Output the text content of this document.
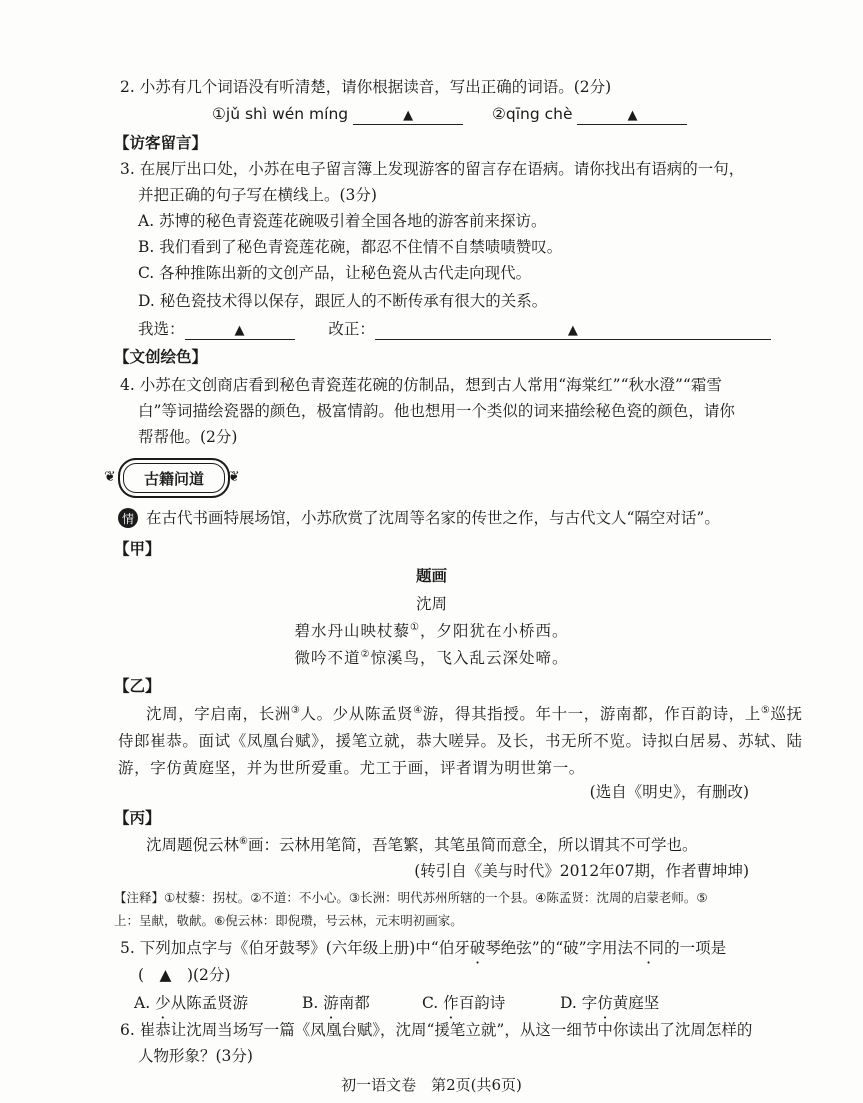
2. 小苏有几个词语没有听清楚，请你根据读音，写出正确的词语。(2分)
①jǔ shì wén míng	▲	②qīng chè	▲
【访客留言】
3. 在展厅出口处，小苏在电子留言簿上发现游客的留言存在语病。请你找出有语病的一句，
并把正确的句子写在横线上。(3分)
A. 苏博的秘色青瓷莲花碗吸引着全国各地的游客前来探访。
B. 我们看到了秘色青瓷莲花碗，都忍不住情不自禁啧啧赞叹。
C. 各种推陈出新的文创产品，让秘色瓷从古代走向现代。
D. 秘色瓷技术得以保存，跟匠人的不断传承有很大的关系。
我选：	▲	改正：	▲
【文创绘色】
4. 小苏在文创商店看到秘色青瓷莲花碗的仿制品，想到古人常用“海棠红”“秋水澄”“霜雪
白”等词描绘瓷器的颜色，极富情韵。他也想用一个类似的词来描绘秘色瓷的颜色，请你
帮帮他。(2分)
❦ 古籍问道 ❦
情 在古代书画特展场馆，小苏欣赏了沈周等名家的传世之作，与古代文人“隔空对话”。
【甲】
题画
沈周
碧水丹山映杖藜①，夕阳犹在小桥西。
微吟不道②惊溪鸟，飞入乱云深处啼。
【乙】
沈周，字启南，长洲③人。少从陈孟贤④游，得其指授。年十一，游南都，作百韵诗，上⑤巡抚
侍郎崔恭。面试《凤凰台赋》，援笔立就，恭大嗟异。及长，书无所不览。诗拟白居易、苏轼、陆
游，字仿黄庭坚，并为世所爱重。尤工于画，评者谓为明世第一。
(选自《明史》，有删改)
【丙】
沈周题倪云林⑥画：云林用笔简，吾笔繁，其笔虽简而意全，所以谓其不可学也。
(转引自《美与时代》2012年07期，作者曹坤坤)
【注释】①杖藜：拐杖。②不道：不小心。③长洲：明代苏州所辖的一个县。④陈孟贤：沈周的启蒙老师。⑤
上：呈献，敬献。⑥倪云林：即倪瓒，号云林，元末明初画家。
5. 下列加点字与《伯牙鼓琴》(六年级上册)中“伯牙破琴绝弦”的“破”字用法不同的一项是
(　▲　)(2分)
A. 少从陈孟贤游	B. 游南都	C. 作百韵诗	D. 字仿黄庭坚
6. 崔恭让沈周当场写一篇《凤凰台赋》，沈周“援笔立就”，从这一细节中你读出了沈周怎样的
人物形象？(3分)
初一语文卷　第2页(共6页)
